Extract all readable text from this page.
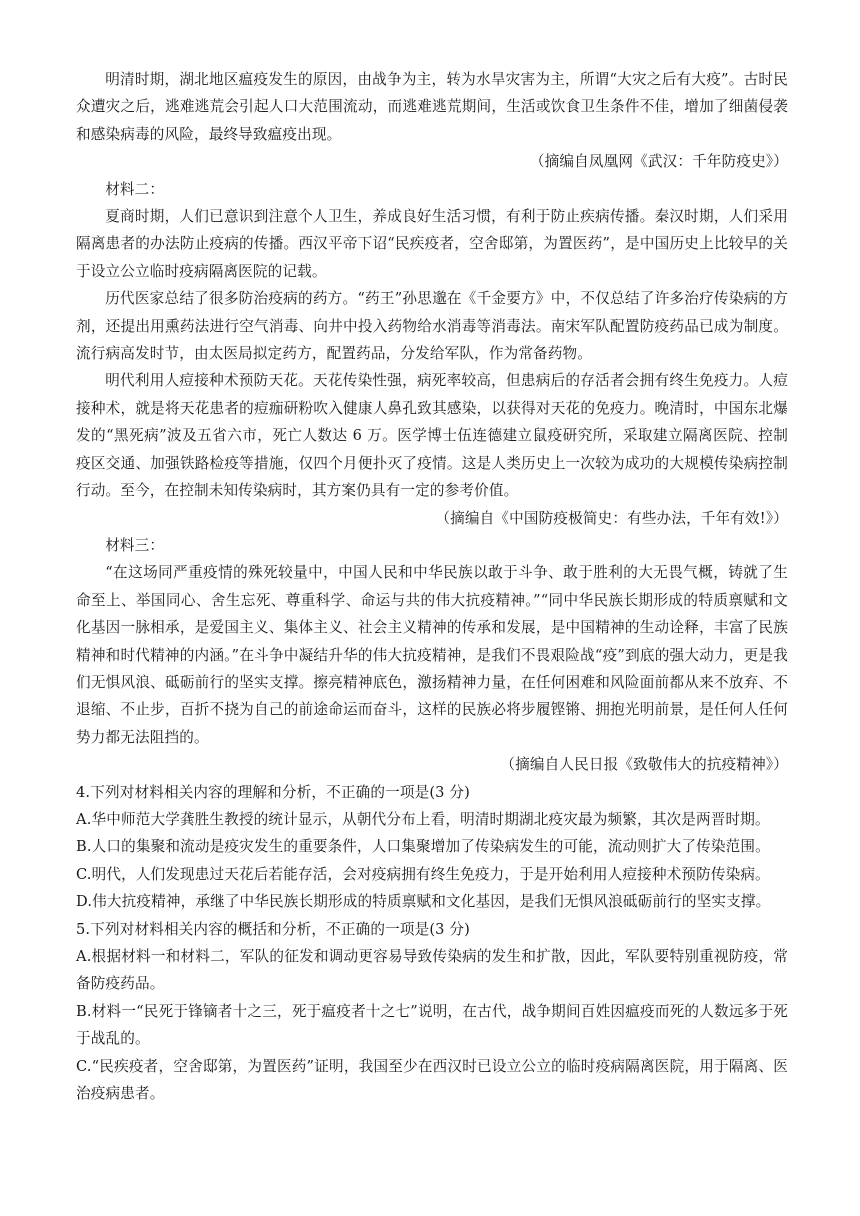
明清时期，湖北地区瘟疫发生的原因，由战争为主，转为水旱灾害为主，所谓“大灾之后有大疫”。古时民众遭灾之后，逃难逃荒会引起人口大范围流动，而逃难逃荒期间，生活或饮食卫生条件不佳，增加了细菌侵袭和感染病毒的风险，最终导致瘟疫出现。

（摘编自凤凰网《武汉：千年防疫史》）

材料二：

夏商时期，人们已意识到注意个人卫生，养成良好生活习惯，有利于防止疾病传播。秦汉时期，人们采用隔离患者的办法防止疫病的传播。西汉平帝下诏“民疾疫者，空舍邸第，为置医药”，是中国历史上比较早的关于设立公立临时疫病隔离医院的记载。

历代医家总结了很多防治疫病的药方。“药王”孙思邈在《千金要方》中，不仅总结了许多治疗传染病的方剂，还提出用熏药法进行空气消毒、向井中投入药物给水消毒等消毒法。南宋军队配置防疫药品已成为制度。流行病高发时节，由太医局拟定药方，配置药品，分发给军队，作为常备药物。

明代利用人痘接种术预防天花。天花传染性强，病死率较高，但患病后的存活者会拥有终生免疫力。人痘接种术，就是将天花患者的痘痂研粉吹入健康人鼻孔致其感染，以获得对天花的免疫力。晚清时，中国东北爆发的“黑死病”波及五省六市，死亡人数达 6 万。医学博士伍连德建立鼠疫研究所，采取建立隔离医院、控制疫区交通、加强铁路检疫等措施，仅四个月便扑灭了疫情。这是人类历史上一次较为成功的大规模传染病控制行动。至今，在控制未知传染病时，其方案仍具有一定的参考价值。

（摘编自《中国防疫极简史：有些办法，千年有效!》）

材料三：

“在这场同严重疫情的殊死较量中，中国人民和中华民族以敢于斗争、敢于胜利的大无畏气概，铸就了生命至上、举国同心、舍生忘死、尊重科学、命运与共的伟大抗疫精神。”“同中华民族长期形成的特质禀赋和文化基因一脉相承，是爱国主义、集体主义、社会主义精神的传承和发展，是中国精神的生动诠释，丰富了民族精神和时代精神的内涵。”在斗争中凝结升华的伟大抗疫精神，是我们不畏艰险战“疫”到底的强大动力，更是我们无惧风浪、砥砺前行的坚实支撑。擦亮精神底色，激扬精神力量，在任何困难和风险面前都从来不放弃、不退缩、不止步，百折不挠为自己的前途命运而奋斗，这样的民族必将步履铿锵、拥抱光明前景，是任何人任何势力都无法阻挡的。

（摘编自人民日报《致敬伟大的抗疫精神》）

4.下列对材料相关内容的理解和分析，不正确的一项是(3 分)

A.华中师范大学龚胜生教授的统计显示，从朝代分布上看，明清时期湖北疫灾最为频繁，其次是两晋时期。

B.人口的集聚和流动是疫灾发生的重要条件，人口集聚增加了传染病发生的可能，流动则扩大了传染范围。

C.明代，人们发现患过天花后若能存活，会对疫病拥有终生免疫力，于是开始利用人痘接种术预防传染病。

D.伟大抗疫精神，承继了中华民族长期形成的特质禀赋和文化基因，是我们无惧风浪砥砺前行的坚实支撑。

5.下列对材料相关内容的概括和分析，不正确的一项是(3 分)

A.根据材料一和材料二，军队的征发和调动更容易导致传染病的发生和扩散，因此，军队要特别重视防疫，常备防疫药品。

B.材料一“民死于锋镝者十之三，死于瘟疫者十之七”说明，在古代，战争期间百姓因瘟疫而死的人数远多于死于战乱的。

C.“民疾疫者，空舍邸第，为置医药”证明，我国至少在西汉时已设立公立的临时疫病隔离医院，用于隔离、医治疫病患者。
